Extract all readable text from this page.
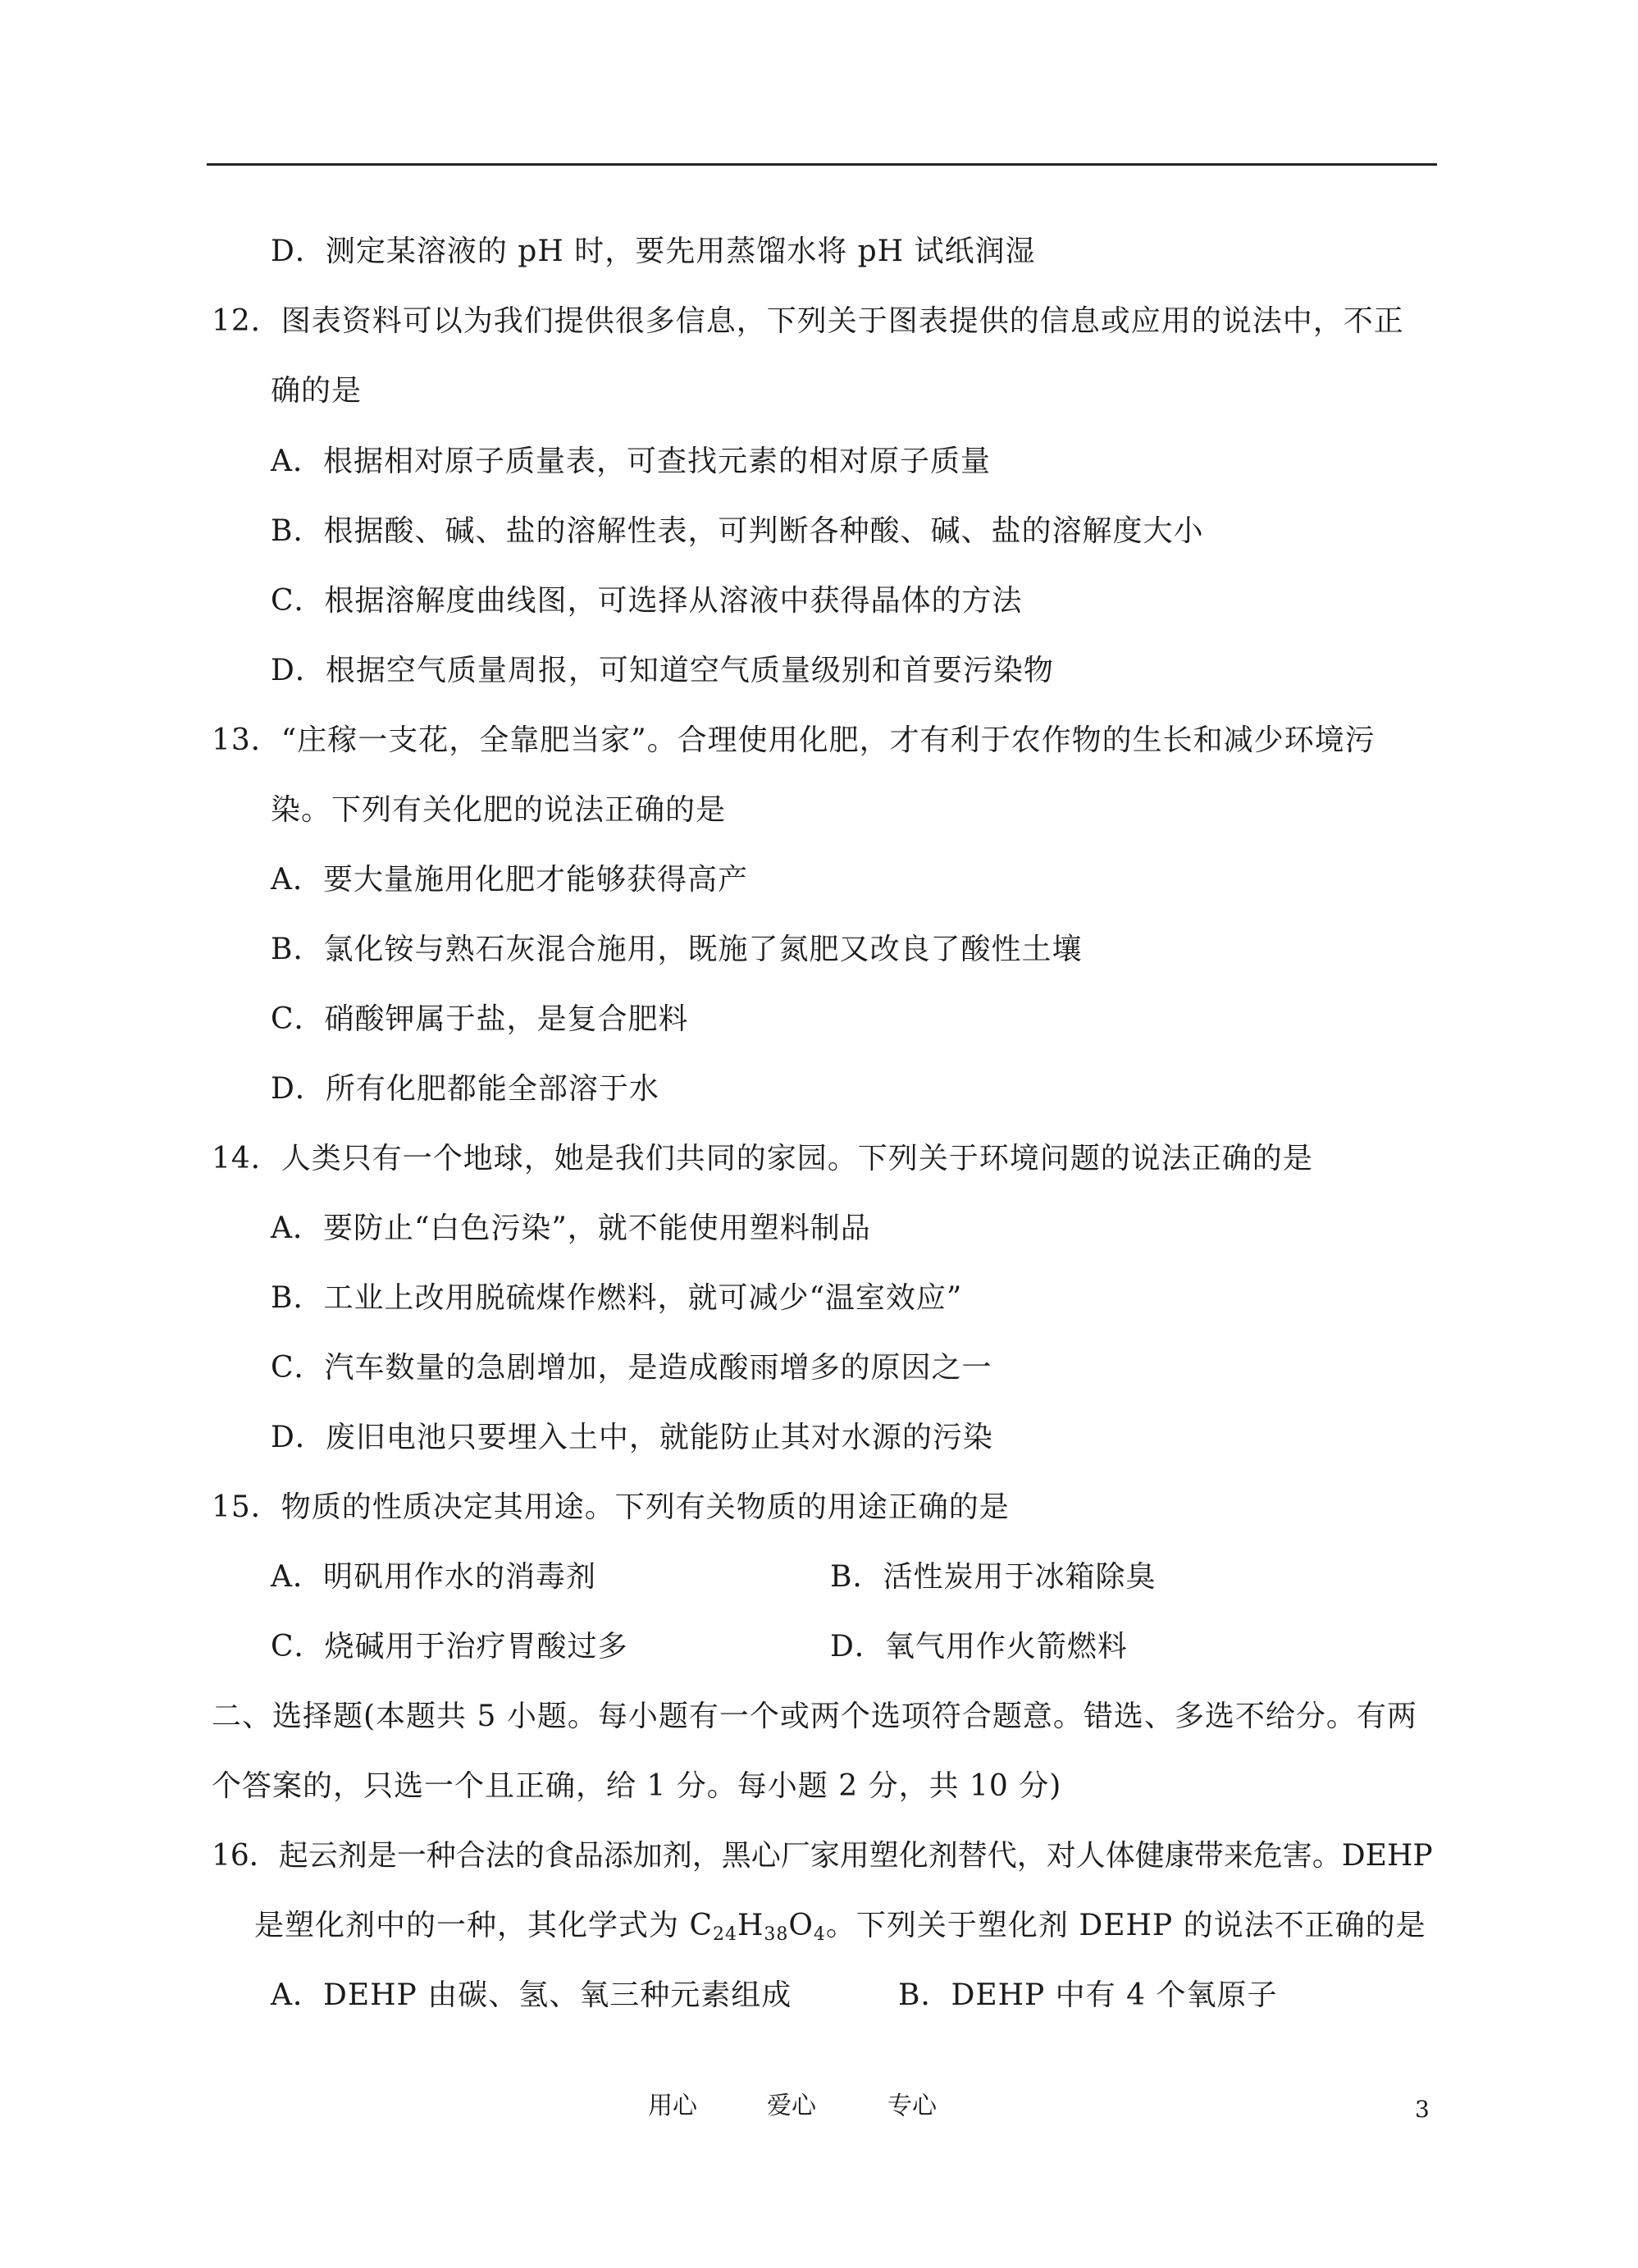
D．测定某溶液的 pH 时，要先用蒸馏水将 pH 试纸润湿
12．图表资料可以为我们提供很多信息，下列关于图表提供的信息或应用的说法中，不正
确的是
A．根据相对原子质量表，可查找元素的相对原子质量
B．根据酸、碱、盐的溶解性表，可判断各种酸、碱、盐的溶解度大小
C．根据溶解度曲线图，可选择从溶液中获得晶体的方法
D．根据空气质量周报，可知道空气质量级别和首要污染物
13．“庄稼一支花，全靠肥当家”。合理使用化肥，才有利于农作物的生长和减少环境污
染。下列有关化肥的说法正确的是
A．要大量施用化肥才能够获得高产
B．氯化铵与熟石灰混合施用，既施了氮肥又改良了酸性土壤
C．硝酸钾属于盐，是复合肥料
D．所有化肥都能全部溶于水
14．人类只有一个地球，她是我们共同的家园。下列关于环境问题的说法正确的是
A．要防止“白色污染”，就不能使用塑料制品
B．工业上改用脱硫煤作燃料，就可减少“温室效应”
C．汽车数量的急剧增加，是造成酸雨增多的原因之一
D．废旧电池只要埋入土中，就能防止其对水源的污染
15．物质的性质决定其用途。下列有关物质的用途正确的是
A．明矾用作水的消毒剂	B．活性炭用于冰箱除臭
C．烧碱用于治疗胃酸过多	D．氧气用作火箭燃料
二、选择题(本题共 5 小题。每小题有一个或两个选项符合题意。错选、多选不给分。有两
个答案的，只选一个且正确，给 1 分。每小题 2 分，共 10 分)
16．起云剂是一种合法的食品添加剂，黑心厂家用塑化剂替代，对人体健康带来危害。DEHP
是塑化剂中的一种，其化学式为 $C_{24}H_{38}O_4$。下列关于塑化剂 DEHP 的说法不正确的是
A．DEHP 由碳、氢、氧三种元素组成	B．DEHP 中有 4 个氧原子
用心	爱心	专心	3
